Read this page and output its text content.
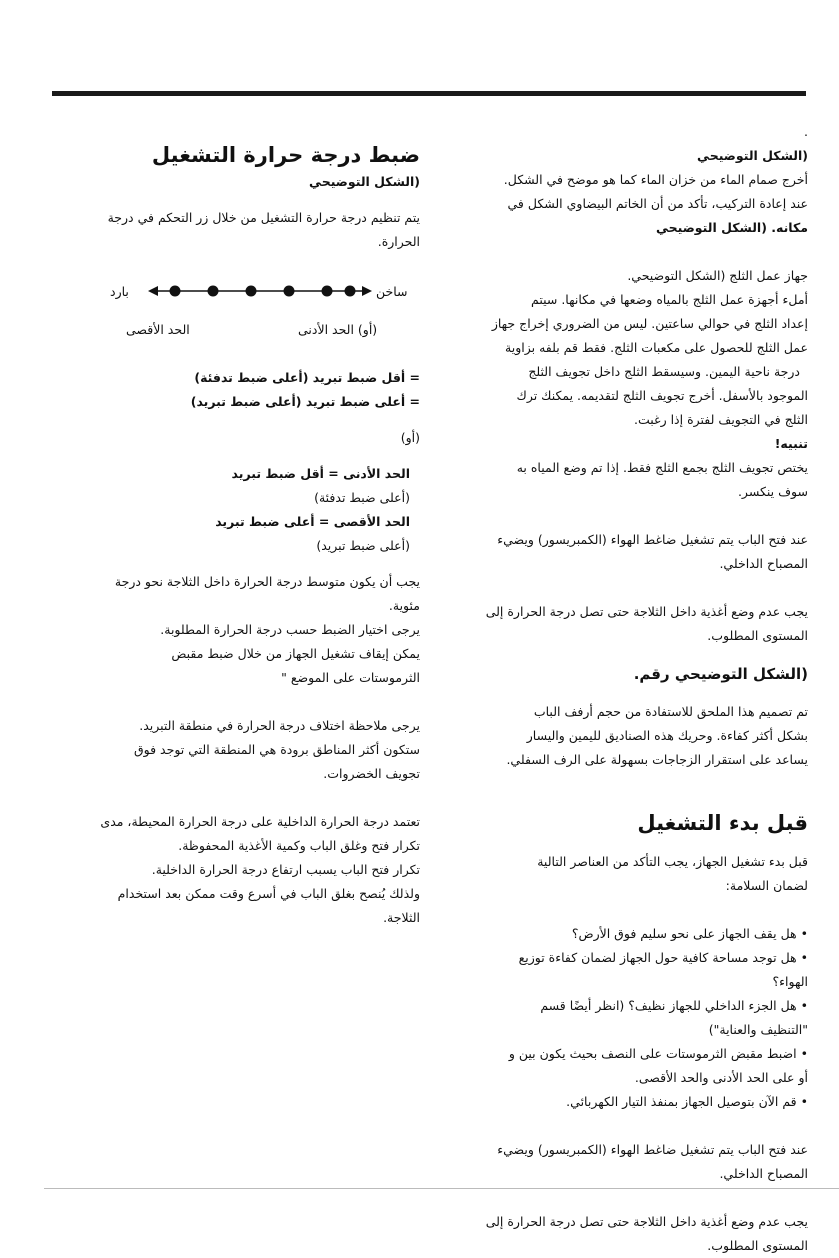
.

(الشكل التوضيحي

أخرج صمام الماء من خزان الماء كما هو موضح في الشكل.

عند إعادة التركيب، تأكد من أن الخاتم البيضاوي الشكل في

مكانه. (الشكل التوضيحي

جهاز عمل الثلج (الشكل التوضيحي.

أملء أجهزة عمل الثلج بالمياه وضعها في مكانها. سيتم

إعداد الثلج في حوالي ساعتين. ليس من الضروري إخراج جهاز

عمل الثلج للحصول على مكعبات الثلج. فقط قم بلفه بزاوية

درجة ناحية اليمين. وسيسقط الثلج داخل تجويف الثلج

الموجود بالأسفل. أخرج تجويف الثلج لتقديمه. يمكنك ترك

الثلج في التجويف لفترة إذا رغبت.

تنبيه!

يختص تجويف الثلج بجمع الثلج فقط. إذا تم وضع المياه به

سوف ينكسر.

عند فتح الباب يتم تشغيل ضاغط الهواء (الكمبريسور) ويضيء

المصباح الداخلي.

يجب عدم وضع أغذية داخل الثلاجة حتى تصل درجة الحرارة إلى

المستوى المطلوب.

(الشكل التوضيحي رقم.

تم تصميم هذا الملحق للاستفادة من حجم أرفف الباب

بشكل أكثر كفاءة. وحريك هذه الصناديق لليمين واليسار

يساعد على استقرار الزجاجات بسهولة على الرف السفلي.

قبل بدء التشغيل

قبل بدء تشغيل الجهاز، يجب التأكد من العناصر التالية

لضمان السلامة:

• هل يقف الجهاز على نحو سليم فوق الأرض؟

• هل توجد مساحة كافية حول الجهاز لضمان كفاءة توزيع

الهواء؟

• هل الجزء الداخلي للجهاز نظيف؟ (انظر أيضًا قسم

"التنظيف والعناية")

• اضبط مقبض الثرموستات على النصف بحيث يكون بين و

أو على الحد الأدنى والحد الأقصى.

• قم الآن بتوصيل الجهاز بمنفذ التيار الكهربائي.

عند فتح الباب يتم تشغيل ضاغط الهواء (الكمبريسور) ويضيء

المصباح الداخلي.

يجب عدم وضع أغذية داخل الثلاجة حتى تصل درجة الحرارة إلى

المستوى المطلوب.

ضبط درجة حرارة التشغيل

(الشكل التوضيحي

يتم تنظيم درجة حرارة التشغيل من خلال زر التحكم في درجة

الحرارة.

بارد	ساخن
الحد الأقصى	(أو) الحد الأدنى

= أقل ضبط تبريد (أعلى ضبط تدفئة)

= أعلى ضبط تبريد (أعلى ضبط تبريد)

(أو)

الحد الأدنى = أقل ضبط تبريد

(أعلى ضبط تدفئة)

الحد الأقصى = أعلى ضبط تبريد

(أعلى ضبط تبريد)

يجب أن يكون متوسط درجة الحرارة داخل الثلاجة نحو درجة

مئوية.

يرجى اختيار الضبط حسب درجة الحرارة المطلوبة.

يمكن إيقاف تشغيل الجهاز من خلال ضبط مقبض

الثرموستات على الموضع "

يرجى ملاحظة اختلاف درجة الحرارة في منطقة التبريد.

ستكون أكثر المناطق برودة هي المنطقة التي توجد فوق

تجويف الخضروات.

تعتمد درجة الحرارة الداخلية على درجة الحرارة المحيطة، مدى

تكرار فتح وغلق الباب وكمية الأغذية المحفوظة.

تكرار فتح الباب يسبب ارتفاع درجة الحرارة الداخلية.

ولذلك يُنصح بغلق الباب في أسرع وقت ممكن بعد استخدام

الثلاجة.
